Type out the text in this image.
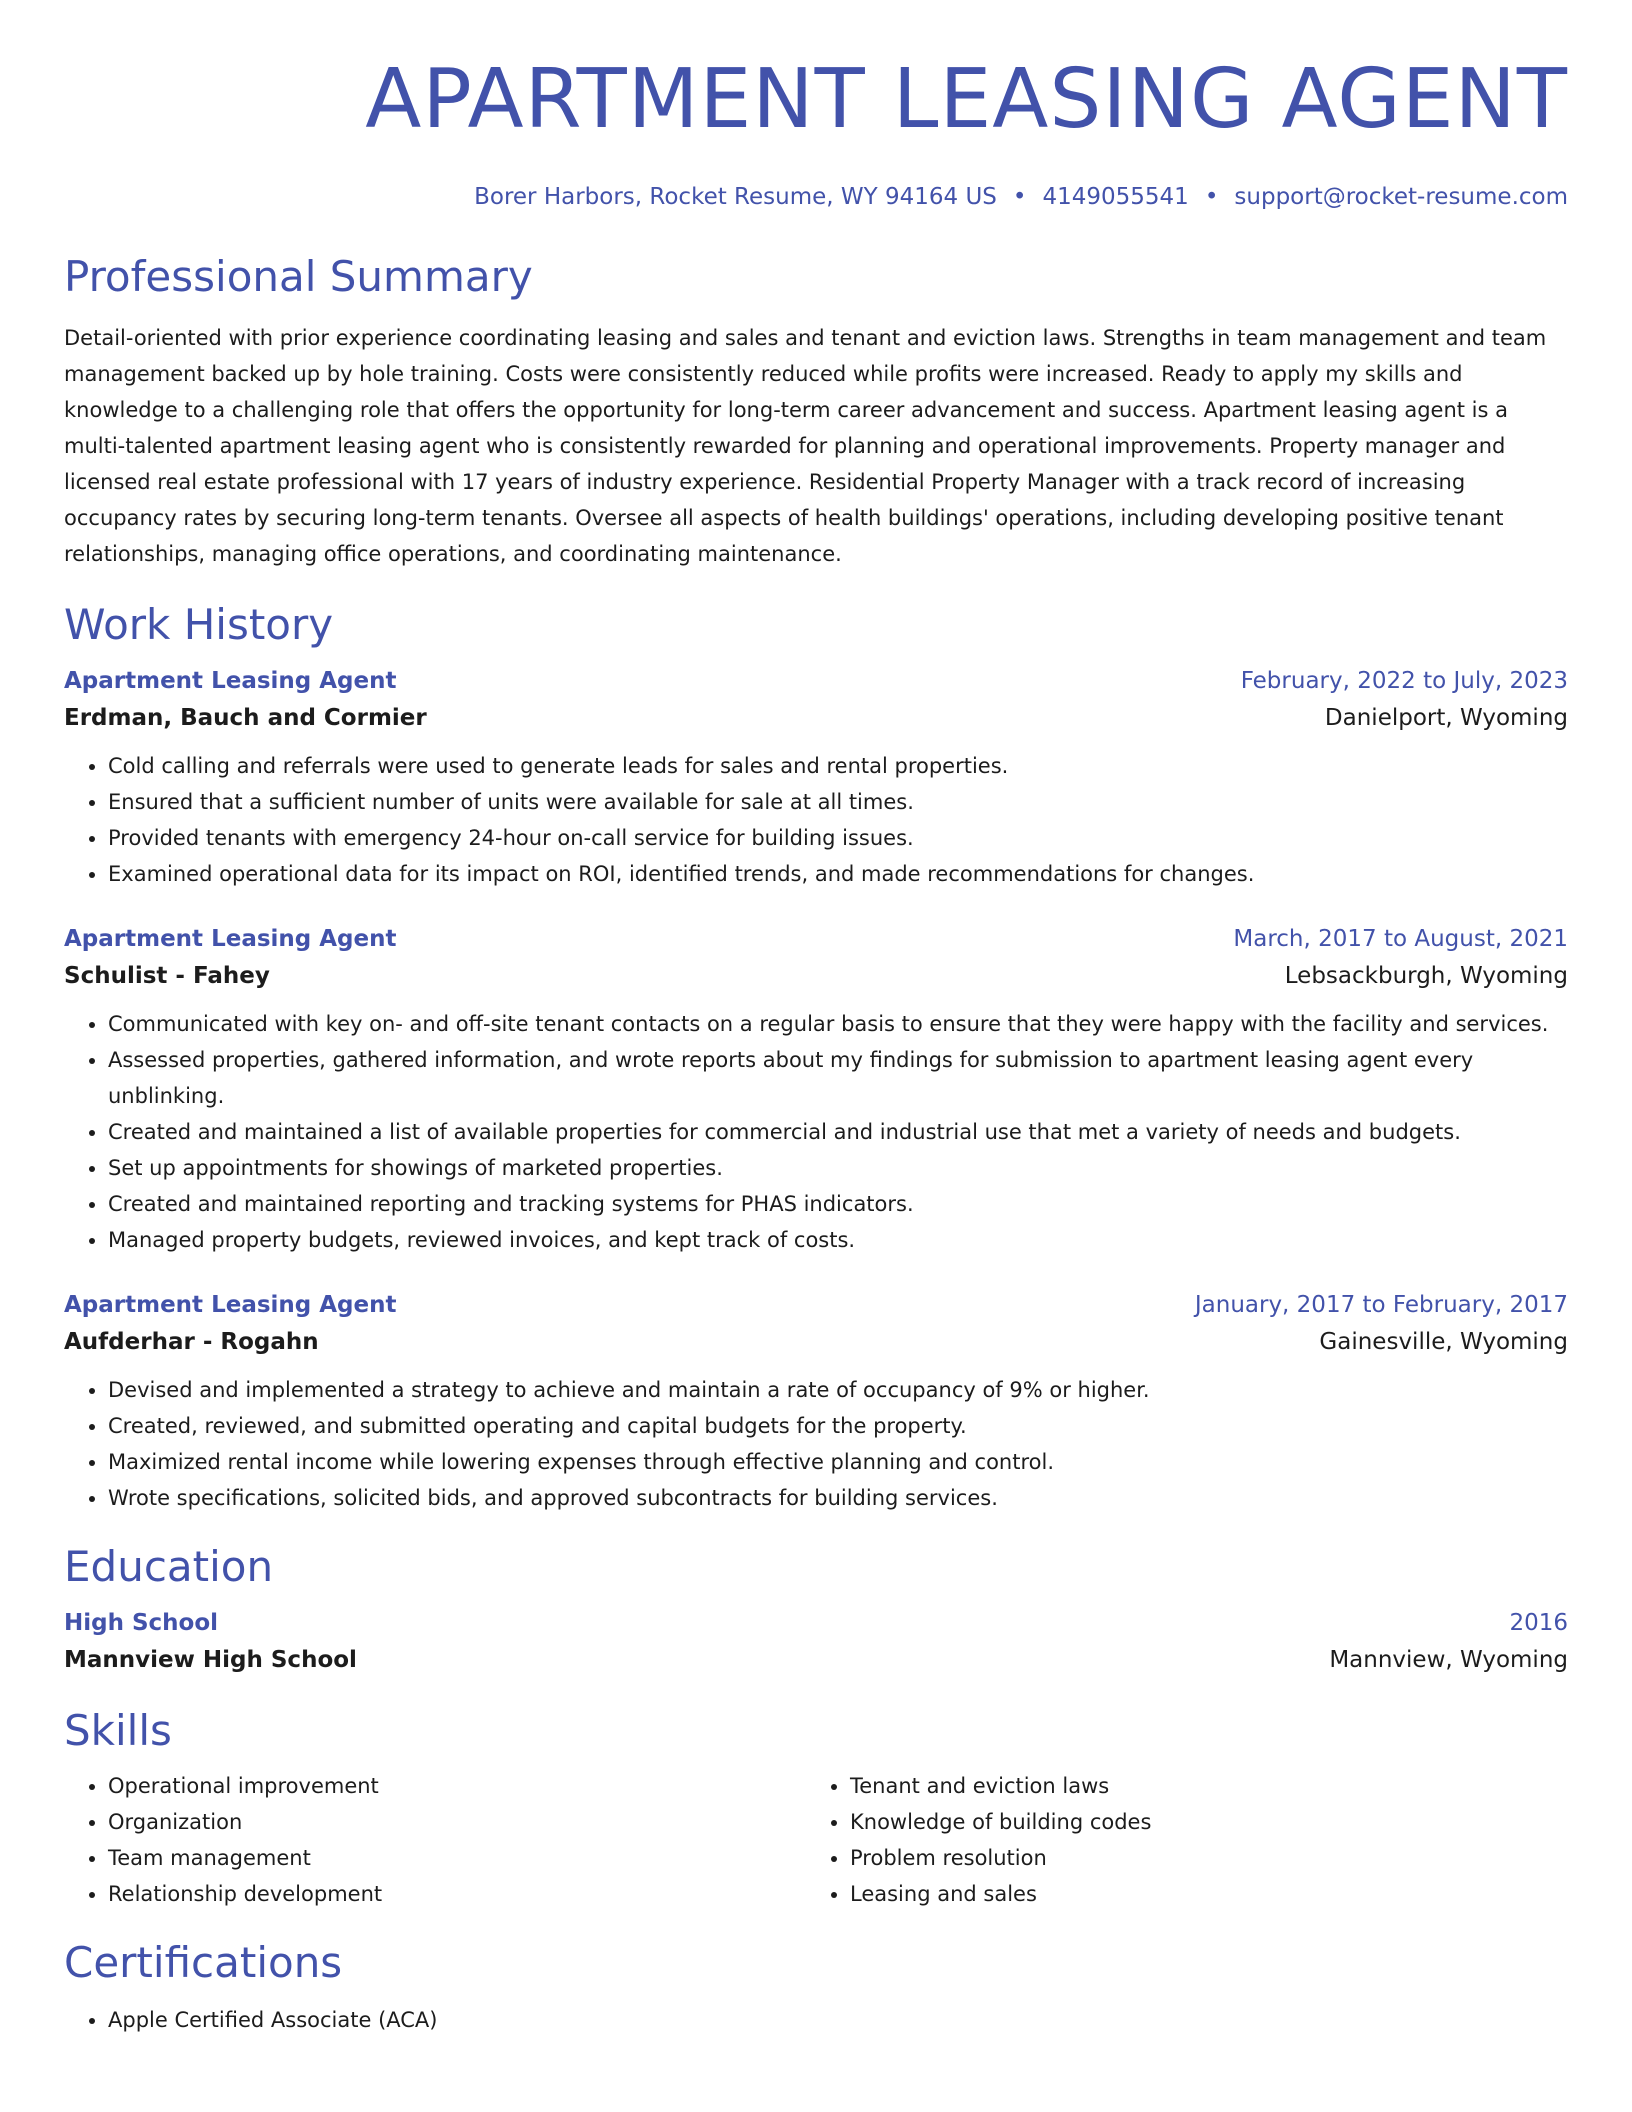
APARTMENT LEASING AGENT
Borer Harbors, Rocket Resume, WY 94164 US • 4149055541 • support@rocket-resume.com
Professional Summary
Detail-oriented with prior experience coordinating leasing and sales and tenant and eviction laws. Strengths in team management and team management backed up by hole training. Costs were consistently reduced while profits were increased. Ready to apply my skills and knowledge to a challenging role that offers the opportunity for long-term career advancement and success. Apartment leasing agent is a multi-talented apartment leasing agent who is consistently rewarded for planning and operational improvements. Property manager and licensed real estate professional with 17 years of industry experience. Residential Property Manager with a track record of increasing occupancy rates by securing long-term tenants. Oversee all aspects of health buildings' operations, including developing positive tenant relationships, managing office operations, and coordinating maintenance.
Work History
Apartment Leasing Agent	February, 2022 to July, 2023
Erdman, Bauch and Cormier	Danielport, Wyoming
• Cold calling and referrals were used to generate leads for sales and rental properties.
• Ensured that a sufficient number of units were available for sale at all times.
• Provided tenants with emergency 24-hour on-call service for building issues.
• Examined operational data for its impact on ROI, identified trends, and made recommendations for changes.
Apartment Leasing Agent	March, 2017 to August, 2021
Schulist - Fahey	Lebsackburgh, Wyoming
• Communicated with key on- and off-site tenant contacts on a regular basis to ensure that they were happy with the facility and services.
• Assessed properties, gathered information, and wrote reports about my findings for submission to apartment leasing agent every unblinking.
• Created and maintained a list of available properties for commercial and industrial use that met a variety of needs and budgets.
• Set up appointments for showings of marketed properties.
• Created and maintained reporting and tracking systems for PHAS indicators.
• Managed property budgets, reviewed invoices, and kept track of costs.
Apartment Leasing Agent	January, 2017 to February, 2017
Aufderhar - Rogahn	Gainesville, Wyoming
• Devised and implemented a strategy to achieve and maintain a rate of occupancy of 9% or higher.
• Created, reviewed, and submitted operating and capital budgets for the property.
• Maximized rental income while lowering expenses through effective planning and control.
• Wrote specifications, solicited bids, and approved subcontracts for building services.
Education
High School	2016
Mannview High School	Mannview, Wyoming
Skills
• Operational improvement
• Organization
• Team management
• Relationship development
• Tenant and eviction laws
• Knowledge of building codes
• Problem resolution
• Leasing and sales
Certifications
• Apple Certified Associate (ACA)
